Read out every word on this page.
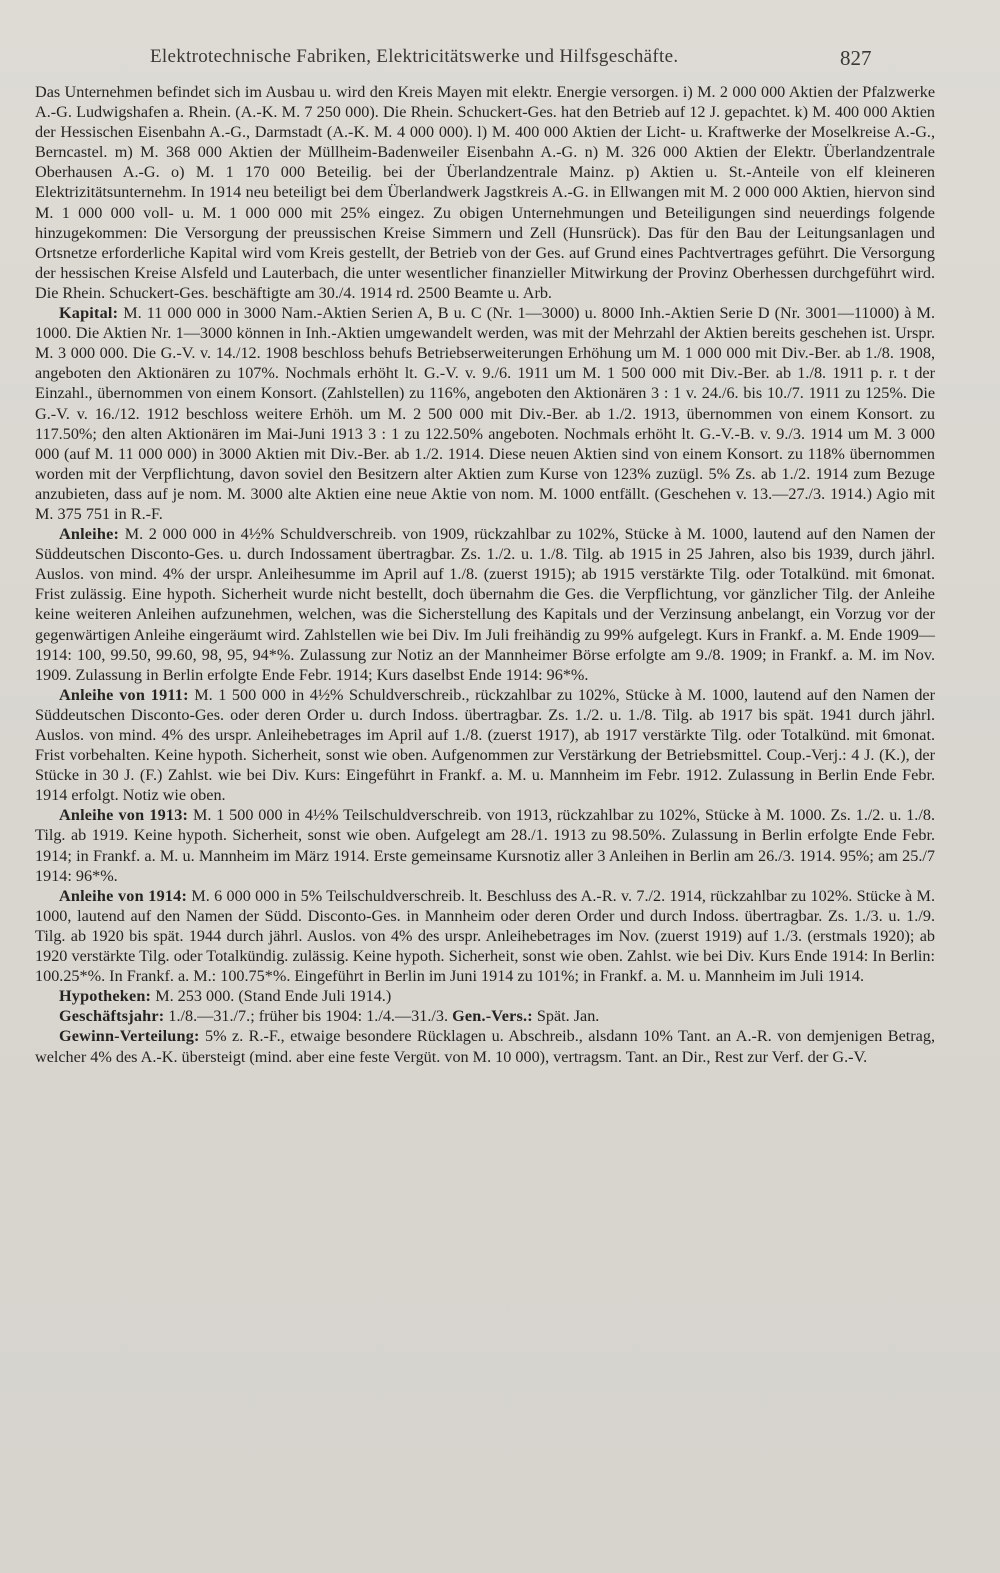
Elektrotechnische Fabriken, Elektricitätswerke und Hilfsgeschäfte.	827

Das Unternehmen befindet sich im Ausbau u. wird den Kreis Mayen mit elektr. Energie versorgen. i) M. 2 000 000 Aktien der Pfalzwerke A.-G. Ludwigshafen a. Rhein. (A.-K. M. 7 250 000). Die Rhein. Schuckert-Ges. hat den Betrieb auf 12 J. gepachtet. k) M. 400 000 Aktien der Hessischen Eisenbahn A.-G., Darmstadt (A.-K. M. 4 000 000). l) M. 400 000 Aktien der Licht- u. Kraftwerke der Moselkreise A.-G., Berncastel. m) M. 368 000 Aktien der Müllheim-Badenweiler Eisenbahn A.-G. n) M. 326 000 Aktien der Elektr. Überlandzentrale Oberhausen A.-G. o) M. 1 170 000 Beteilig. bei der Überlandzentrale Mainz. p) Aktien u. St.-Anteile von elf kleineren Elektrizitätsunternehm. In 1914 neu beteiligt bei dem Überlandwerk Jagstkreis A.-G. in Ellwangen mit M. 2 000 000 Aktien, hiervon sind M. 1 000 000 voll- u. M. 1 000 000 mit 25% eingez. Zu obigen Unternehmungen und Beteiligungen sind neuerdings folgende hinzugekommen: Die Versorgung der preussischen Kreise Simmern und Zell (Hunsrück). Das für den Bau der Leitungsanlagen und Ortsnetze erforderliche Kapital wird vom Kreis gestellt, der Betrieb von der Ges. auf Grund eines Pachtvertrages geführt. Die Versorgung der hessischen Kreise Alsfeld und Lauterbach, die unter wesentlicher finanzieller Mitwirkung der Provinz Oberhessen durchgeführt wird. Die Rhein. Schuckert-Ges. beschäftigte am 30./4. 1914 rd. 2500 Beamte u. Arb.

Kapital: M. 11 000 000 in 3000 Nam.-Aktien Serien A, B u. C (Nr. 1—3000) u. 8000 Inh.-Aktien Serie D (Nr. 3001—11000) à M. 1000. Die Aktien Nr. 1—3000 können in Inh.-Aktien umgewandelt werden, was mit der Mehrzahl der Aktien bereits geschehen ist. Urspr. M. 3 000 000. Die G.-V. v. 14./12. 1908 beschloss behufs Betriebserweiterungen Erhöhung um M. 1 000 000 mit Div.-Ber. ab 1./8. 1908, angeboten den Aktionären zu 107%. Nochmals erhöht lt. G.-V. v. 9./6. 1911 um M. 1 500 000 mit Div.-Ber. ab 1./8. 1911 p. r. t der Einzahl., übernommen von einem Konsort. (Zahlstellen) zu 116%, angeboten den Aktionären 3 : 1 v. 24./6. bis 10./7. 1911 zu 125%. Die G.-V. v. 16./12. 1912 beschloss weitere Erhöh. um M. 2 500 000 mit Div.-Ber. ab 1./2. 1913, übernommen von einem Konsort. zu 117.50%; den alten Aktionären im Mai-Juni 1913 3 : 1 zu 122.50% angeboten. Nochmals erhöht lt. G.-V.-B. v. 9./3. 1914 um M. 3 000 000 (auf M. 11 000 000) in 3000 Aktien mit Div.-Ber. ab 1./2. 1914. Diese neuen Aktien sind von einem Konsort. zu 118% übernommen worden mit der Verpflichtung, davon soviel den Besitzern alter Aktien zum Kurse von 123% zuzügl. 5% Zs. ab 1./2. 1914 zum Bezuge anzubieten, dass auf je nom. M. 3000 alte Aktien eine neue Aktie von nom. M. 1000 entfällt. (Geschehen v. 13.—27./3. 1914.) Agio mit M. 375 751 in R.-F.

Anleihe: M. 2 000 000 in 4½% Schuldverschreib. von 1909, rückzahlbar zu 102%, Stücke à M. 1000, lautend auf den Namen der Süddeutschen Disconto-Ges. u. durch Indossament übertragbar. Zs. 1./2. u. 1./8. Tilg. ab 1915 in 25 Jahren, also bis 1939, durch jährl. Auslos. von mind. 4% der urspr. Anleihesumme im April auf 1./8. (zuerst 1915); ab 1915 verstärkte Tilg. oder Totalkünd. mit 6monat. Frist zulässig. Eine hypoth. Sicherheit wurde nicht bestellt, doch übernahm die Ges. die Verpflichtung, vor gänzlicher Tilg. der Anleihe keine weiteren Anleihen aufzunehmen, welchen, was die Sicherstellung des Kapitals und der Verzinsung anbelangt, ein Vorzug vor der gegenwärtigen Anleihe eingeräumt wird. Zahlstellen wie bei Div. Im Juli freihändig zu 99% aufgelegt. Kurs in Frankf. a. M. Ende 1909—1914: 100, 99.50, 99.60, 98, 95, 94*%. Zulassung zur Notiz an der Mannheimer Börse erfolgte am 9./8. 1909; in Frankf. a. M. im Nov. 1909. Zulassung in Berlin erfolgte Ende Febr. 1914; Kurs daselbst Ende 1914: 96*%.

Anleihe von 1911: M. 1 500 000 in 4½% Schuldverschreib., rückzahlbar zu 102%, Stücke à M. 1000, lautend auf den Namen der Süddeutschen Disconto-Ges. oder deren Order u. durch Indoss. übertragbar. Zs. 1./2. u. 1./8. Tilg. ab 1917 bis spät. 1941 durch jährl. Auslos. von mind. 4% des urspr. Anleihebetrages im April auf 1./8. (zuerst 1917), ab 1917 verstärkte Tilg. oder Totalkünd. mit 6monat. Frist vorbehalten. Keine hypoth. Sicherheit, sonst wie oben. Aufgenommen zur Verstärkung der Betriebsmittel. Coup.-Verj.: 4 J. (K.), der Stücke in 30 J. (F.) Zahlst. wie bei Div. Kurs: Eingeführt in Frankf. a. M. u. Mannheim im Febr. 1912. Zulassung in Berlin Ende Febr. 1914 erfolgt. Notiz wie oben.

Anleihe von 1913: M. 1 500 000 in 4½% Teilschuldverschreib. von 1913, rückzahlbar zu 102%, Stücke à M. 1000. Zs. 1./2. u. 1./8. Tilg. ab 1919. Keine hypoth. Sicherheit, sonst wie oben. Aufgelegt am 28./1. 1913 zu 98.50%. Zulassung in Berlin erfolgte Ende Febr. 1914; in Frankf. a. M. u. Mannheim im März 1914. Erste gemeinsame Kursnotiz aller 3 Anleihen in Berlin am 26./3. 1914. 95%; am 25./7 1914: 96*%.

Anleihe von 1914: M. 6 000 000 in 5% Teilschuldverschreib. lt. Beschluss des A.-R. v. 7./2. 1914, rückzahlbar zu 102%. Stücke à M. 1000, lautend auf den Namen der Südd. Disconto-Ges. in Mannheim oder deren Order und durch Indoss. übertragbar. Zs. 1./3. u. 1./9. Tilg. ab 1920 bis spät. 1944 durch jährl. Auslos. von 4% des urspr. Anleihebetrages im Nov. (zuerst 1919) auf 1./3. (erstmals 1920); ab 1920 verstärkte Tilg. oder Totalkündig. zulässig. Keine hypoth. Sicherheit, sonst wie oben. Zahlst. wie bei Div. Kurs Ende 1914: In Berlin: 100.25*%. In Frankf. a. M.: 100.75*%. Eingeführt in Berlin im Juni 1914 zu 101%; in Frankf. a. M. u. Mannheim im Juli 1914.

Hypotheken: M. 253 000. (Stand Ende Juli 1914.)

Geschäftsjahr: 1./8.—31./7.; früher bis 1904: 1./4.—31./3. Gen.-Vers.: Spät. Jan.

Gewinn-Verteilung: 5% z. R.-F., etwaige besondere Rücklagen u. Abschreib., alsdann 10% Tant. an A.-R. von demjenigen Betrag, welcher 4% des A.-K. übersteigt (mind. aber eine feste Vergüt. von M. 10 000), vertragsm. Tant. an Dir., Rest zur Verf. der G.-V.
